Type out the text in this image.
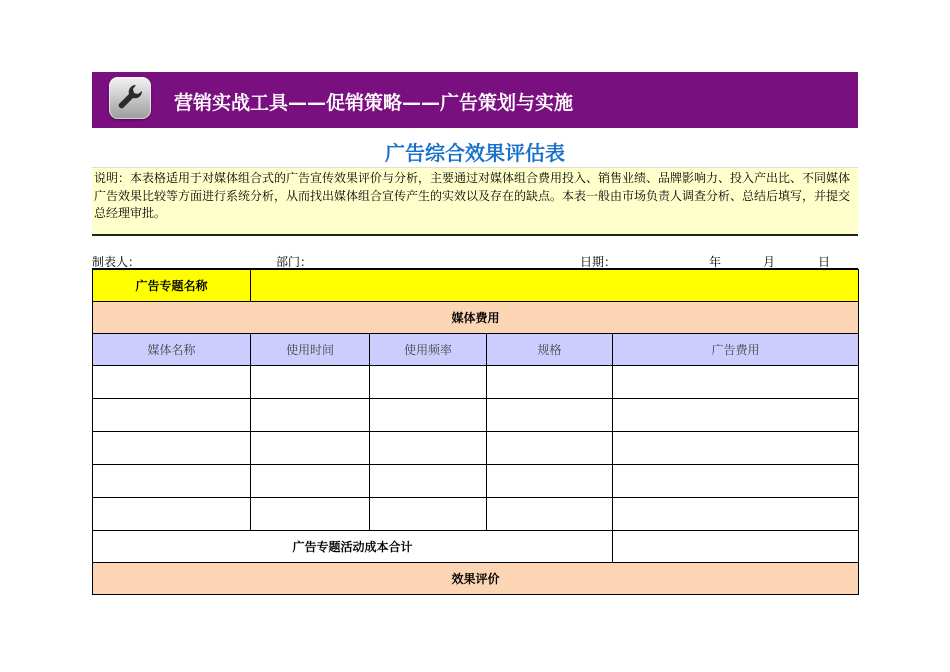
营销实战工具——促销策略——广告策划与实施
广告综合效果评估表
说明：本表格适用于对媒体组合式的广告宣传效果评价与分析，主要通过对媒体组合费用投入、销售业绩、品牌影响力、投入产出比、不同媒体广告效果比较等方面进行系统分析，从而找出媒体组合宣传产生的实效以及存在的缺点。本表一般由市场负责人调查分析、总结后填写，并提交总经理审批。
制表人：	部门：	日期：	年	月	日
广告专题名称				
媒体费用				
媒体名称	使用时间	使用频率	规格	广告费用

广告专题活动成本合计				
效果评价				
